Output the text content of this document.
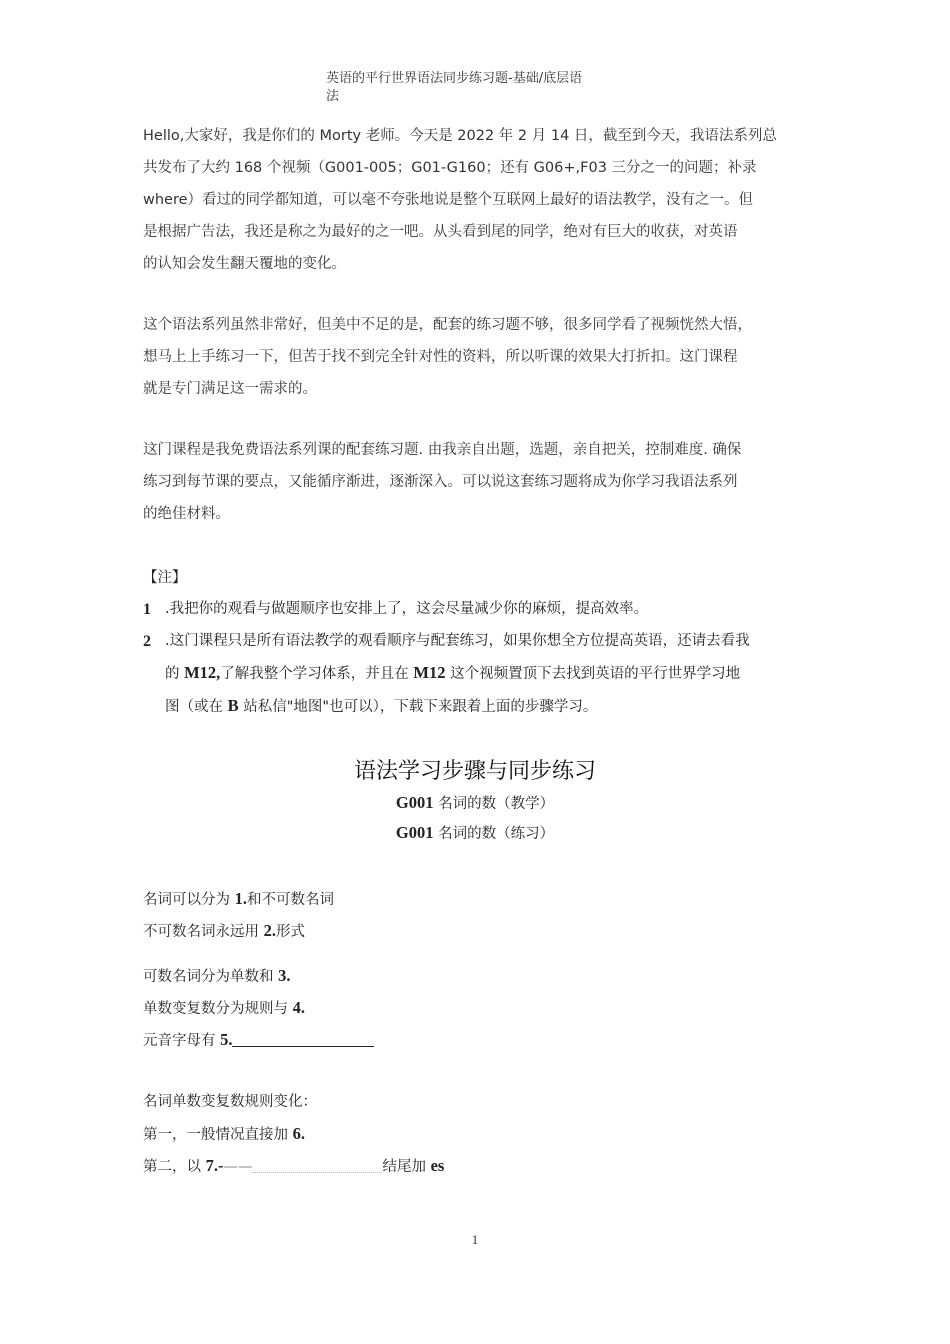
英语的平行世界语法同步练习题-基础/底层语
法

Hello,大家好，我是你们的 Morty 老师。今天是 2022 年 2 月 14 日，截至到今天，我语法系列总

共发布了大约 168 个视频（G001-005；G01-G160；还有 G06+,F03 三分之一的问题；补录

where）看过的同学都知道，可以毫不夸张地说是整个互联网上最好的语法教学，没有之一。但

是根据广告法，我还是称之为最好的之一吧。从头看到尾的同学，绝对有巨大的收获，对英语

的认知会发生翻天覆地的变化。

这个语法系列虽然非常好，但美中不足的是，配套的练习题不够，很多同学看了视频恍然大悟，

想马上上手练习一下，但苦于找不到完全针对性的资料，所以听课的效果大打折扣。这门课程

就是专门满足这一需求的。

这门课程是我免费语法系列课的配套练习题. 由我亲自出题，选题，亲自把关，控制难度. 确保

练习到每节课的要点，又能循序渐进，逐渐深入。可以说这套练习题将成为你学习我语法系列

的绝佳材料。

【注】
1 .我把你的观看与做题顺序也安排上了，这会尽量减少你的麻烦，提高效率。
2 .这门课程只是所有语法教学的观看顺序与配套练习，如果你想全方位提高英语，还请去看我
的 M12,了解我整个学习体系，并且在 M12 这个视频置顶下去找到英语的平行世界学习地
图（或在 B 站私信"地图"也可以），下载下来跟着上面的步骤学习。
语法学习步骤与同步练习
G001 名词的数（教学）
G001 名词的数（练习）
名词可以分为 1.和不可数名词
不可数名词永远用 2.形式
可数名词分为单数和 3.
单数变复数分为规则与 4.
元音字母有 5.
名词单数变复数规则变化：
第一，一般情况直接加 6.
第二，以 7.-——	结尾加 es
1
